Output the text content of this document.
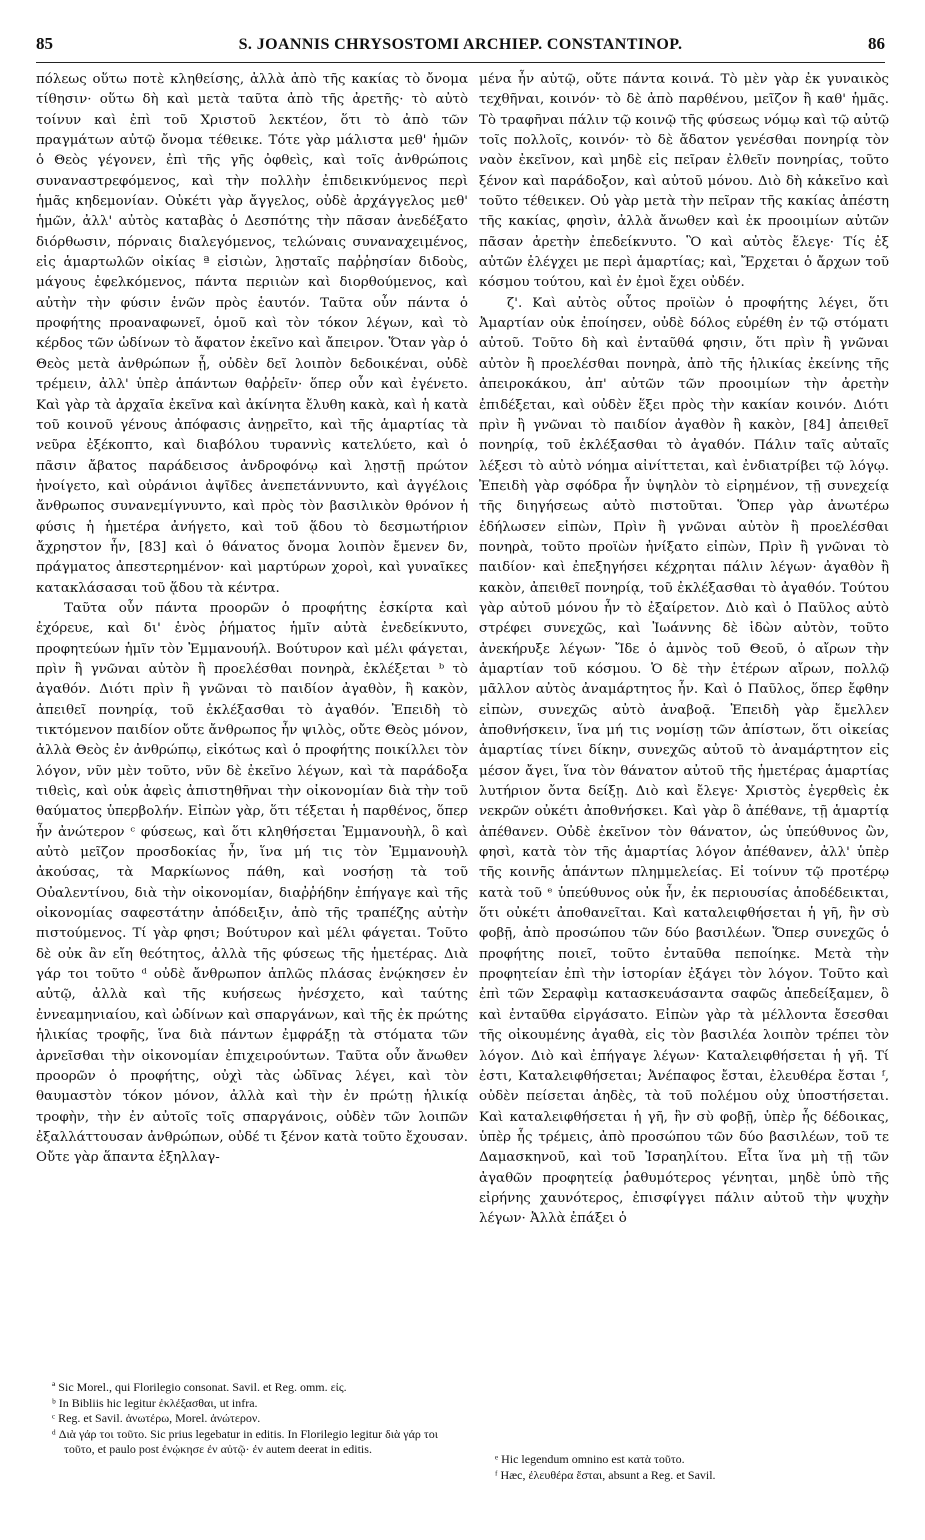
85	S. JOANNIS CHRYSOSTOMI ARCHIEP. CONSTANTINOP.	86

πόλεως οὕτω ποτὲ κληθείσης, ἀλλὰ ἀπὸ τῆς κακίας τὸ ὄνομα τίθησιν· οὕτω δὴ καὶ μετὰ ταῦτα ἀπὸ τῆς ἀρετῆς· τὸ αὐτὸ τοίνυν καὶ ἐπὶ τοῦ Χριστοῦ λεκτέον, ὅτι τὸ ἀπὸ τῶν πραγμάτων αὐτῷ ὄνομα τέθεικε. Τότε γὰρ μάλιστα μεθ' ἡμῶν ὁ Θεὸς γέγονεν, ἐπὶ τῆς γῆς ὀφθεὶς, καὶ τοῖς ἀνθρώποις συναναστρεφόμενος, καὶ τὴν πολλὴν ἐπιδεικνύμενος περὶ ἡμᾶς κηδεμονίαν. Οὐκέτι γὰρ ἄγγελος, οὐδὲ ἀρχάγγελος μεθ' ἡμῶν, ἀλλ' αὐτὸς καταβὰς ὁ Δεσπότης τὴν πᾶσαν ἀνεδέξατο διόρθωσιν, πόρναις διαλεγόμενος, τελώναις συναναχειμένος, εἰς ἁμαρτωλῶν οἰκίας ª εἰσιὼν, λῃσταῖς παῤῥησίαν διδοὺς, μάγους ἐφελκόμενος, πάντα περιιὼν καὶ διορθούμενος, καὶ αὐτὴν τὴν φύσιν ἑνῶν πρὸς ἑαυτόν. Ταῦτα οὖν πάντα ὁ προφήτης προαναφωνεῖ, ὁμοῦ καὶ τὸν τόκον λέγων, καὶ τὸ κέρδος τῶν ὠδίνων τὸ ἄφατον ἐκεῖνο καὶ ἄπειρον. Ὅταν γὰρ ὁ Θεὸς μετὰ ἀνθρώπων ᾖ, οὐδὲν δεῖ λοιπὸν δεδοικέναι, οὐδὲ τρέμειν, ἀλλ' ὑπὲρ ἁπάντων θαῤῥεῖν· ὅπερ οὖν καὶ ἐγένετο. Καὶ γὰρ τὰ ἀρχαῖα ἐκεῖνα καὶ ἀκίνητα ἔλυθη κακὰ, καὶ ἡ κατὰ τοῦ κοινοῦ γένους ἀπόφασις ἀνῃρεῖτο, καὶ τῆς ἁμαρτίας τὰ νεῦρα ἐξέκοπτο, καὶ διαβόλου τυραννὶς κατελύετο, καὶ ὁ πᾶσιν ἄβατος παράδεισος ἀνδροφόνῳ καὶ λῃστῇ πρώτον ἠνοίγετο, καὶ οὐράνιοι ἀψῖδες ἀνεπετάννυντο, καὶ ἀγγέλοις ἄνθρωπος συνανεμίγνυντο, καὶ πρὸς τὸν βασιλικὸν θρόνον ἡ φύσις ἡ ἡμετέρα ἀνήγετο, καὶ τοῦ ᾅδου τὸ δεσμωτήριον ἄχρηστον ἦν, [83] καὶ ὁ θάνατος ὄνομα λοιπὸν ἔμενεν δν, πράγματος ἀπεστερημένον· καὶ μαρτύρων χοροὶ, καὶ γυναῖκες κατακλάσασαι τοῦ ᾅδου τὰ κέντρα.

Ταῦτα οὖν πάντα προορῶν ὁ προφήτης ἐσκίρτα καὶ ἐχόρευε, καὶ δι' ἑνὸς ῥήματος ἡμῖν αὐτὰ ἐνεδείκνυτο, προφητεύων ἡμῖν τὸν Ἐμμανουήλ. Βούτυρον καὶ μέλι φάγεται, πρὶν ἢ γνῶναι αὐτὸν ἢ προελέσθαι πονηρὰ, ἐκλέξεται ᵇ τὸ ἀγαθόν. Διότι πρὶν ἢ γνῶναι τὸ παιδίον ἀγαθὸν, ἢ κακὸν, ἀπειθεῖ πονηρίᾳ, τοῦ ἐκλέξασθαι τὸ ἀγαθόν. Ἐπειδὴ τὸ τικτόμενον παιδίον οὔτε ἄνθρωπος ἦν ψιλὸς, οὔτε Θεὸς μόνον, ἀλλὰ Θεὸς ἐν ἀνθρώπῳ, εἰκότως καὶ ὁ προφήτης ποικίλλει τὸν λόγον, νῦν μὲν τοῦτο, νῦν δὲ ἐκεῖνο λέγων, καὶ τὰ παράδοξα τιθεὶς, καὶ οὐκ ἀφεὶς ἀπιστηθῆναι τὴν οἰκονομίαν διὰ τὴν τοῦ θαύματος ὑπερβολήν. Εἰπὼν γὰρ, ὅτι τέξεται ἡ παρθένος, ὅπερ ἦν ἀνώτερον ᶜ φύσεως, καὶ ὅτι κληθήσεται Ἐμμανουὴλ, ὃ καὶ αὐτὸ μεῖζον προσδοκίας ἦν, ἵνα μή τις τὸν Ἐμμανουὴλ ἀκούσας, τὰ Μαρκίωνος πάθη, καὶ νοσήσῃ τὰ τοῦ Οὐαλεντίνου, διὰ τὴν οἰκονομίαν, διαῤῥήδην ἐπήγαγε καὶ τῆς οἰκονομίας σαφεστάτην ἀπόδειξιν, ἀπὸ τῆς τραπέζης αὐτὴν πιστούμενος. Τί γὰρ φησι; Βούτυρον καὶ μέλι φάγεται. Τοῦτο δὲ οὐκ ἂν εἴη θεότητος, ἀλλὰ τῆς φύσεως τῆς ἡμετέρας. Διὰ γάρ τοι τοῦτο ᵈ οὐδὲ ἄνθρωπον ἁπλῶς πλάσας ἐνῴκησεν ἐν αὐτῷ, ἀλλὰ καὶ τῆς κυήσεως ἠνέσχετο, καὶ ταύτης ἐννεαμηνιαίου, καὶ ὠδίνων καὶ σπαργάνων, καὶ τῆς ἐκ πρώτης ἡλικίας τροφῆς, ἵνα διὰ πάντων ἐμφράξῃ τὰ στόματα τῶν ἀρνεῖσθαι τὴν οἰκονομίαν ἐπιχειρούντων. Ταῦτα οὖν ἄνωθεν προορῶν ὁ προφήτης, οὐχὶ τὰς ὠδῖνας λέγει, καὶ τὸν θαυμαστὸν τόκον μόνον, ἀλλὰ καὶ τὴν ἐν πρώτῃ ἡλικίᾳ τροφὴν, τὴν ἐν αὐτοῖς τοῖς σπαργάνοις, οὐδὲν τῶν λοιπῶν ἐξαλλάττουσαν ἀνθρώπων, οὐδέ τι ξένον κατὰ τοῦτο ἔχουσαν. Οὔτε γὰρ ἅπαντα ἐξηλλαγ-

μένα ἦν αὐτῷ, οὔτε πάντα κοινά. Τὸ μὲν γὰρ ἐκ γυναικὸς τεχθῆναι, κοινόν· τὸ δὲ ἀπὸ παρθένου, μεῖζον ἢ καθ' ἡμᾶς. Τὸ τραφῆναι πάλιν τῷ κοινῷ τῆς φύσεως νόμῳ καὶ τῷ αὐτῷ τοῖς πολλοῖς, κοινόν· τὸ δὲ ἄδατον γενέσθαι πονηρίᾳ τὸν ναὸν ἐκεῖνον, καὶ μηδὲ εἰς πεῖραν ἐλθεῖν πονηρίας, τοῦτο ξένον καὶ παράδοξον, καὶ αὐτοῦ μόνου. Διὸ δὴ κἀκεῖνο καὶ τοῦτο τέθεικεν. Οὐ γὰρ μετὰ τὴν πεῖραν τῆς κακίας ἀπέστη τῆς κακίας, φησὶν, ἀλλὰ ἄνωθεν καὶ ἐκ προοιμίων αὐτῶν πᾶσαν ἀρετὴν ἐπεδείκνυτο. Ὃ καὶ αὐτὸς ἔλεγε· Τίς ἐξ αὐτῶν ἐλέγχει με περὶ ἁμαρτίας; καὶ, Ἔρχεται ὁ ἄρχων τοῦ κόσμου τούτου, καὶ ἐν ἐμοὶ ἔχει οὐδέν.

ζ'. Καὶ αὐτὸς οὗτος προϊὼν ὁ προφήτης λέγει, ὅτι Ἀμαρτίαν οὐκ ἐποίησεν, οὐδὲ δόλος εὑρέθη ἐν τῷ στόματι αὐτοῦ. Τοῦτο δὴ καὶ ἐνταῦθά φησιν, ὅτι πρὶν ἢ γνῶναι αὐτὸν ἢ προελέσθαι πονηρὰ, ἀπὸ τῆς ἡλικίας ἐκείνης τῆς ἀπειροκάκου, ἀπ' αὐτῶν τῶν προοιμίων τὴν ἀρετὴν ἐπιδέξεται, καὶ οὐδὲν ἕξει πρὸς τὴν κακίαν κοινόν. Διότι πρὶν ἢ γνῶναι τὸ παιδίον ἀγαθὸν ἢ κακὸν, [84] ἀπειθεῖ πονηρίᾳ, τοῦ ἐκλέξασθαι τὸ ἀγαθόν. Πάλιν ταῖς αὐταῖς λέξεσι τὸ αὐτὸ νόημα αἰνίττεται, καὶ ἐνδιατρίβει τῷ λόγῳ. Ἐπειδὴ γὰρ σφόδρα ἦν ὑψηλὸν τὸ εἰρημένον, τῇ συνεχείᾳ τῆς διηγήσεως αὐτὸ πιστοῦται. Ὅπερ γὰρ ἀνωτέρω ἐδήλωσεν εἰπὼν, Πρὶν ἢ γνῶναι αὐτὸν ἢ προελέσθαι πονηρὰ, τοῦτο προϊὼν ἠνίξατο εἰπὼν, Πρὶν ἢ γνῶναι τὸ παιδίον· καὶ ἐπεξηγήσει κέχρηται πάλιν λέγων· ἀγαθὸν ἢ κακὸν, ἀπειθεῖ πονηρίᾳ, τοῦ ἐκλέξασθαι τὸ ἀγαθόν. Τούτου γὰρ αὐτοῦ μόνου ἦν τὸ ἐξαίρετον. Διὸ καὶ ὁ Παῦλος αὐτὸ στρέφει συνεχῶς, καὶ Ἰωάννης δὲ ἰδὼν αὐτὸν, τοῦτο ἀνεκήρυξε λέγων· Ἴδε ὁ ἀμνὸς τοῦ Θεοῦ, ὁ αἴρων τὴν ἁμαρτίαν τοῦ κόσμου. Ὁ δὲ τὴν ἑτέρων αἴρων, πολλῷ μᾶλλον αὐτὸς ἀναμάρτητος ἦν. Καὶ ὁ Παῦλος, ὅπερ ἔφθην εἰπὼν, συνεχῶς αὐτὸ ἀναβοᾷ. Ἐπειδὴ γὰρ ἔμελλεν ἀποθνήσκειν, ἵνα μή τις νομίσῃ τῶν ἀπίστων, ὅτι οἰκείας ἁμαρτίας τίνει δίκην, συνεχῶς αὐτοῦ τὸ ἀναμάρτητον εἰς μέσον ἄγει, ἵνα τὸν θάνατον αὐτοῦ τῆς ἡμετέρας ἁμαρτίας λυτήριον ὄντα δείξῃ. Διὸ καὶ ἔλεγε· Χριστὸς ἐγερθεὶς ἐκ νεκρῶν οὐκέτι ἀποθνήσκει. Καὶ γὰρ ὃ ἀπέθανε, τῇ ἁμαρτίᾳ ἀπέθανεν. Οὐδὲ ἐκεῖνον τὸν θάνατον, ὡς ὑπεύθυνος ὢν, φησὶ, κατὰ τὸν τῆς ἁμαρτίας λόγον ἀπέθανεν, ἀλλ' ὑπὲρ τῆς κοινῆς ἁπάντων πλημμελείας. Εἰ τοίνυν τῷ προτέρῳ κατὰ τοῦ ᵉ ὑπεύθυνος οὐκ ἦν, ἐκ περιουσίας ἀποδέδεικται, ὅτι οὐκέτι ἀποθανεῖται. Καὶ καταλειφθήσεται ἡ γῆ, ἣν σὺ φοβῇ, ἀπὸ προσώπου τῶν δύο βασιλέων. Ὅπερ συνεχῶς ὁ προφήτης ποιεῖ, τοῦτο ἐνταῦθα πεποίηκε. Μετὰ τὴν προφητείαν ἐπὶ τὴν ἱστορίαν ἐξάγει τὸν λόγον. Τοῦτο καὶ ἐπὶ τῶν Σεραφὶμ κατασκευάσαντα σαφῶς ἀπεδείξαμεν, ὃ καὶ ἐνταῦθα εἰργάσατο. Εἰπὼν γὰρ τὰ μέλλοντα ἔσεσθαι τῆς οἰκουμένης ἀγαθὰ, εἰς τὸν βασιλέα λοιπὸν τρέπει τὸν λόγον. Διὸ καὶ ἐπήγαγε λέγων· Καταλειφθήσεται ἡ γῆ. Τί ἐστι, Καταλειφθήσεται; Ἀνέπαφος ἔσται, ἐλευθέρα ἔσται ᶠ, οὐδὲν πείσεται ἀηδὲς, τὰ τοῦ πολέμου οὐχ ὑποστήσεται. Καὶ καταλειφθήσεται ἡ γῆ, ἣν σὺ φοβῇ, ὑπὲρ ἧς δέδοικας, ὑπὲρ ἧς τρέμεις, ἀπὸ προσώπου τῶν δύο βασιλέων, τοῦ τε Δαμασκηνοῦ, καὶ τοῦ Ἰσραηλίτου. Εἶτα ἵνα μὴ τῇ τῶν ἀγαθῶν προφητείᾳ ῥαθυμότερος γένηται, μηδὲ ὑπὸ τῆς εἰρήνης χαυνότερος, ἐπισφίγγει πάλιν αὐτοῦ τὴν ψυχὴν λέγων· Ἀλλὰ ἐπάξει ὁ

ª Sic Morel., qui Florilegio consonat. Savil. et Reg. omm. εἰς.

ᵇ In Bibliis hic legitur ἐκλέξασθαι, ut infra.

ᶜ Reg. et Savil. ἀνωτέρω, Morel. ἀνώτερον.

ᵈ Διὰ γάρ τοι τοῦτο. Sic prius legebatur in editis. In Florilegio legitur διὰ γάρ τοι τοῦτο, et paulo post ἐνῴκησε ἐν αὐτῷ· ἐν autem deerat in editis.

ᵉ Hic legendum omnino est κατὰ τοῦτο.

ᶠ Hæc, ἐλευθέρα ἔσται, absunt a Reg. et Savil.
